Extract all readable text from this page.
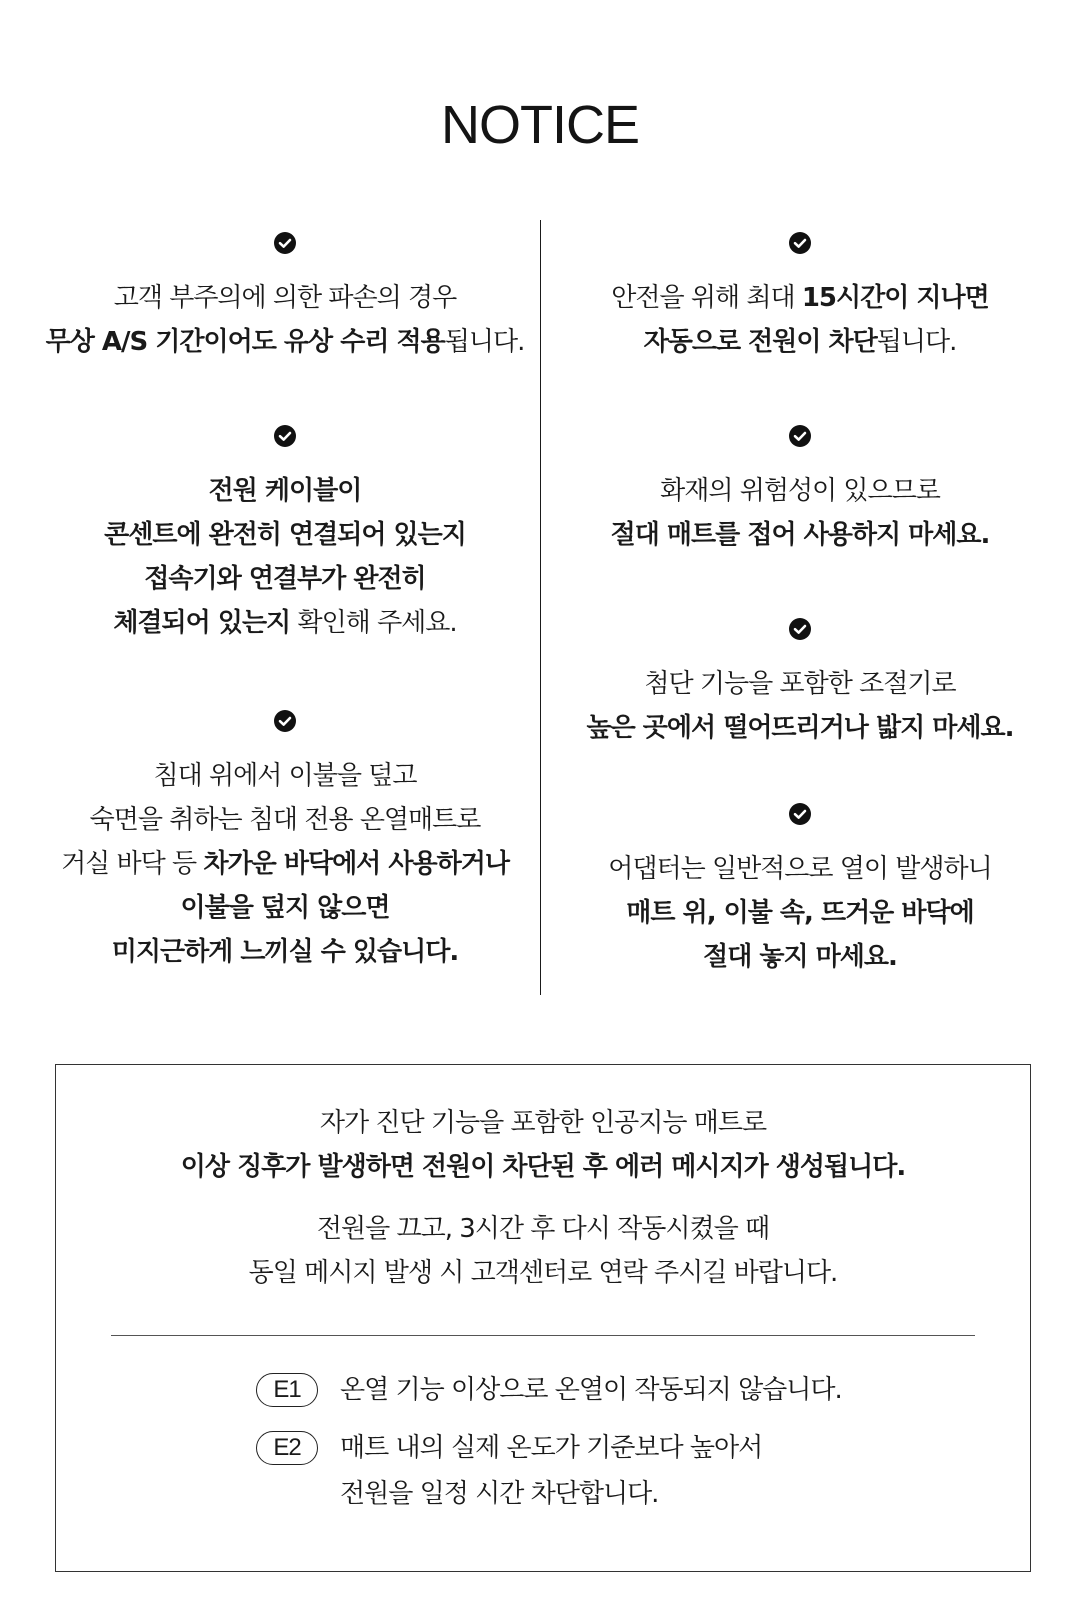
NOTICE
고객 부주의에 의한 파손의 경우
무상 A/S 기간이어도 유상 수리 적용됩니다.
전원 케이블이
콘센트에 완전히 연결되어 있는지
접속기와 연결부가 완전히
체결되어 있는지 확인해 주세요.
침대 위에서 이불을 덮고
숙면을 취하는 침대 전용 온열매트로
거실 바닥 등 차가운 바닥에서 사용하거나
이불을 덮지 않으면
미지근하게 느끼실 수 있습니다.
안전을 위해 최대 15시간이 지나면
자동으로 전원이 차단됩니다.
화재의 위험성이 있으므로
절대 매트를 접어 사용하지 마세요.
첨단 기능을 포함한 조절기로
높은 곳에서 떨어뜨리거나 밟지 마세요.
어댑터는 일반적으로 열이 발생하니
매트 위, 이불 속, 뜨거운 바닥에
절대 놓지 마세요.
자가 진단 기능을 포함한 인공지능 매트로
이상 징후가 발생하면 전원이 차단된 후 에러 메시지가 생성됩니다.
전원을 끄고, 3시간 후 다시 작동시켰을 때
동일 메시지 발생 시 고객센터로 연락 주시길 바랍니다.
E1	온열 기능 이상으로 온열이 작동되지 않습니다.
E2	매트 내의 실제 온도가 기준보다 높아서
전원을 일정 시간 차단합니다.
